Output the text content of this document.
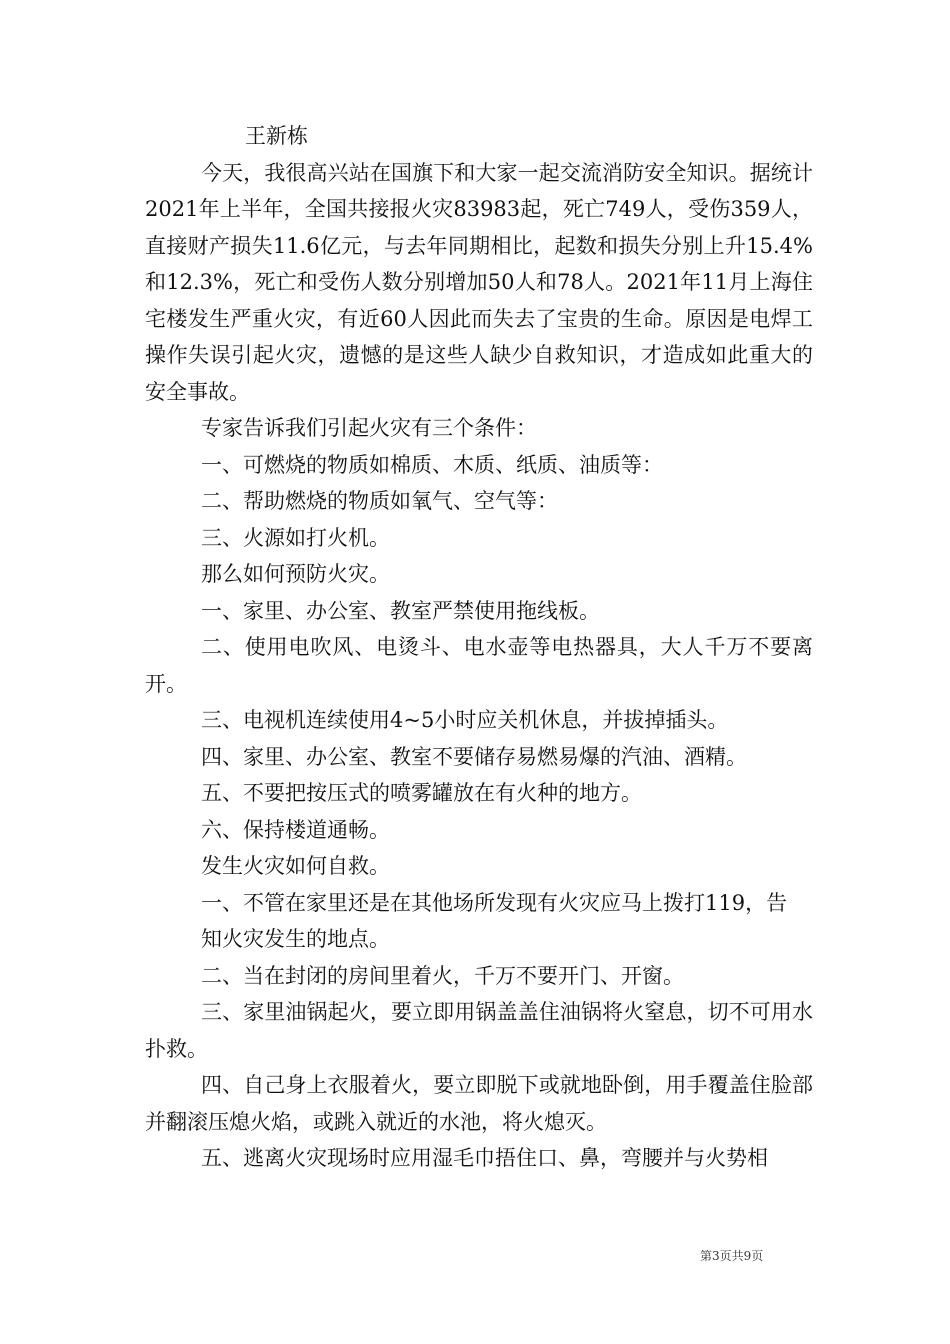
王新栋

今天，我很高兴站在国旗下和大家一起交流消防安全知识。据统计2021年上半年，全国共接报火灾83983起，死亡749人，受伤359人，直接财产损失11.6亿元，与去年同期相比，起数和损失分别上升15.4%和12.3%，死亡和受伤人数分别增加50人和78人。2021年11月上海住宅楼发生严重火灾，有近60人因此而失去了宝贵的生命。原因是电焊工操作失误引起火灾，遗憾的是这些人缺少自救知识，才造成如此重大的安全事故。

专家告诉我们引起火灾有三个条件：

一、可燃烧的物质如棉质、木质、纸质、油质等：

二、帮助燃烧的物质如氧气、空气等：

三、火源如打火机。

那么如何预防火灾。

一、家里、办公室、教室严禁使用拖线板。

二、使用电吹风、电烫斗、电水壶等电热器具，大人千万不要离开。

三、电视机连续使用4~5小时应关机休息，并拔掉插头。

四、家里、办公室、教室不要储存易燃易爆的汽油、酒精。

五、不要把按压式的喷雾罐放在有火种的地方。

六、保持楼道通畅。

发生火灾如何自救。

一、不管在家里还是在其他场所发现有火灾应马上拨打119，告

知火灾发生的地点。

二、当在封闭的房间里着火，千万不要开门、开窗。

三、家里油锅起火，要立即用锅盖盖住油锅将火窒息，切不可用水扑救。

四、自己身上衣服着火，要立即脱下或就地卧倒，用手覆盖住脸部并翻滚压熄火焰，或跳入就近的水池，将火熄灭。

五、逃离火灾现场时应用湿毛巾捂住口、鼻，弯腰并与火势相

第3页共9页
